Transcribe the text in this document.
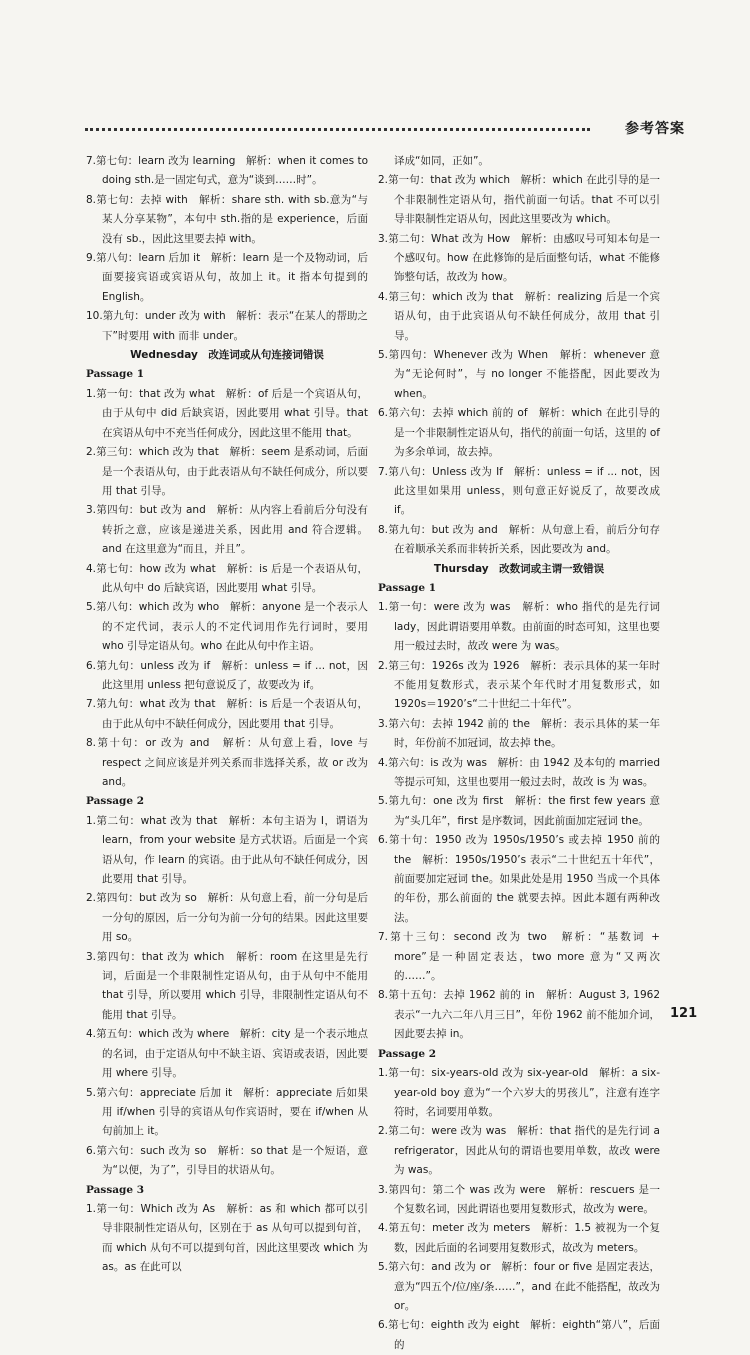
参考答案

7.第七句：learn 改为 learning　解析：when it comes to doing sth.是一固定句式，意为“谈到……时”。

8.第七句：去掉 with　解析：share sth. with sb.意为“与某人分享某物”，本句中 sth.指的是 experience，后面没有 sb.，因此这里要去掉 with。

9.第八句：learn 后加 it　解析：learn 是一个及物动词，后面要接宾语或宾语从句，故加上 it。it 指本句提到的 English。

10.第九句：under 改为 with　解析：表示“在某人的帮助之下”时要用 with 而非 under。

Wednesday　改连词或从句连接词错误

Passage 1

1.第一句：that 改为 what　解析：of 后是一个宾语从句，由于从句中 did 后缺宾语，因此要用 what 引导。that 在宾语从句中不充当任何成分，因此这里不能用 that。

2.第三句：which 改为 that　解析：seem 是系动词，后面是一个表语从句，由于此表语从句不缺任何成分，所以要用 that 引导。

3.第四句：but 改为 and　解析：从内容上看前后分句没有转折之意，应该是递进关系，因此用 and 符合逻辑。and 在这里意为“而且，并且”。

4.第七句：how 改为 what　解析：is 后是一个表语从句，此从句中 do 后缺宾语，因此要用 what 引导。

5.第八句：which 改为 who　解析：anyone 是一个表示人的不定代词，表示人的不定代词用作先行词时，要用 who 引导定语从句。who 在此从句中作主语。

6.第九句：unless 改为 if　解析：unless = if ... not，因此这里用 unless 把句意说反了，故要改为 if。

7.第九句：what 改为 that　解析：is 后是一个表语从句，由于此从句中不缺任何成分，因此要用 that 引导。

8.第十句：or 改为 and　解析：从句意上看，love 与 respect 之间应该是并列关系而非选择关系，故 or 改为 and。

Passage 2

1.第二句：what 改为 that　解析：本句主语为 I，谓语为 learn，from your website 是方式状语。后面是一个宾语从句，作 learn 的宾语。由于此从句不缺任何成分，因此要用 that 引导。

2.第四句：but 改为 so　解析：从句意上看，前一分句是后一分句的原因，后一分句为前一分句的结果。因此这里要用 so。

3.第四句：that 改为 which　解析：room 在这里是先行词，后面是一个非限制性定语从句，由于从句中不能用 that 引导，所以要用 which 引导，非限制性定语从句不能用 that 引导。

4.第五句：which 改为 where　解析：city 是一个表示地点的名词，由于定语从句中不缺主语、宾语或表语，因此要用 where 引导。

5.第六句：appreciate 后加 it　解析：appreciate 后如果用 if/when 引导的宾语从句作宾语时，要在 if/when 从句前加上 it。

6.第六句：such 改为 so　解析：so that 是一个短语，意为“以便，为了”，引导目的状语从句。

Passage 3

1.第一句：Which 改为 As　解析：as 和 which 都可以引导非限制性定语从句，区别在于 as 从句可以提到句首，而 which 从句不可以提到句首，因此这里要改 which 为 as。as 在此可以

译成“如同，正如”。

2.第一句：that 改为 which　解析：which 在此引导的是一个非限制性定语从句，指代前面一句话。that 不可以引导非限制性定语从句，因此这里要改为 which。

3.第二句：What 改为 How　解析：由感叹号可知本句是一个感叹句。how 在此修饰的是后面整句话，what 不能修饰整句话，故改为 how。

4.第三句：which 改为 that　解析：realizing 后是一个宾语从句，由于此宾语从句不缺任何成分，故用 that 引导。

5.第四句：Whenever 改为 When　解析：whenever 意为“无论何时”，与 no longer 不能搭配，因此要改为 when。

6.第六句：去掉 which 前的 of　解析：which 在此引导的是一个非限制性定语从句，指代的前面一句话，这里的 of 为多余单词，故去掉。

7.第八句：Unless 改为 If　解析：unless = if ... not，因此这里如果用 unless，则句意正好说反了，故要改成 if。

8.第九句：but 改为 and　解析：从句意上看，前后分句存在着顺承关系而非转折关系，因此要改为 and。

Thursday　改数词或主谓一致错误

Passage 1

1.第一句：were 改为 was　解析：who 指代的是先行词 lady，因此谓语要用单数。由前面的时态可知，这里也要用一般过去时，故改 were 为 was。

2.第三句：1926s 改为 1926　解析：表示具体的某一年时不能用复数形式，表示某个年代时才用复数形式，如 1920s＝1920’s“二十世纪二十年代”。

3.第六句：去掉 1942 前的 the　解析：表示具体的某一年时，年份前不加冠词，故去掉 the。

4.第六句：is 改为 was　解析：由 1942 及本句的 married 等提示可知，这里也要用一般过去时，故改 is 为 was。

5.第九句：one 改为 first　解析：the first few years 意为“头几年”，first 是序数词，因此前面加定冠词 the。

6.第十句：1950 改为 1950s/1950’s 或去掉 1950 前的 the　解析：1950s/1950’s 表示“二十世纪五十年代”，前面要加定冠词 the。如果此处是用 1950 当成一个具体的年份，那么前面的 the 就要去掉。因此本题有两种改法。

7.第十三句：second 改为 two　解析：“基数词 + more”是一种固定表达，two more 意为“又两次的……”。

8.第十五句：去掉 1962 前的 in　解析：August 3, 1962 表示“一九六二年八月三日”，年份 1962 前不能加介词，因此要去掉 in。

Passage 2

1.第一句：six-years-old 改为 six-year-old　解析：a six-year-old boy 意为“一个六岁大的男孩儿”，注意有连字符时，名词要用单数。

2.第二句：were 改为 was　解析：that 指代的是先行词 a refrigerator，因此从句的谓语也要用单数，故改 were 为 was。

3.第四句：第二个 was 改为 were　解析：rescuers 是一个复数名词，因此谓语也要用复数形式，故改为 were。

4.第五句：meter 改为 meters　解析：1.5 被视为一个复数，因此后面的名词要用复数形式，故改为 meters。

5.第六句：and 改为 or　解析：four or five 是固定表达，意为“四五个/位/座/条……”，and 在此不能搭配，故改为 or。

6.第七句：eighth 改为 eight　解析：eighth“第八”，后面的

121
